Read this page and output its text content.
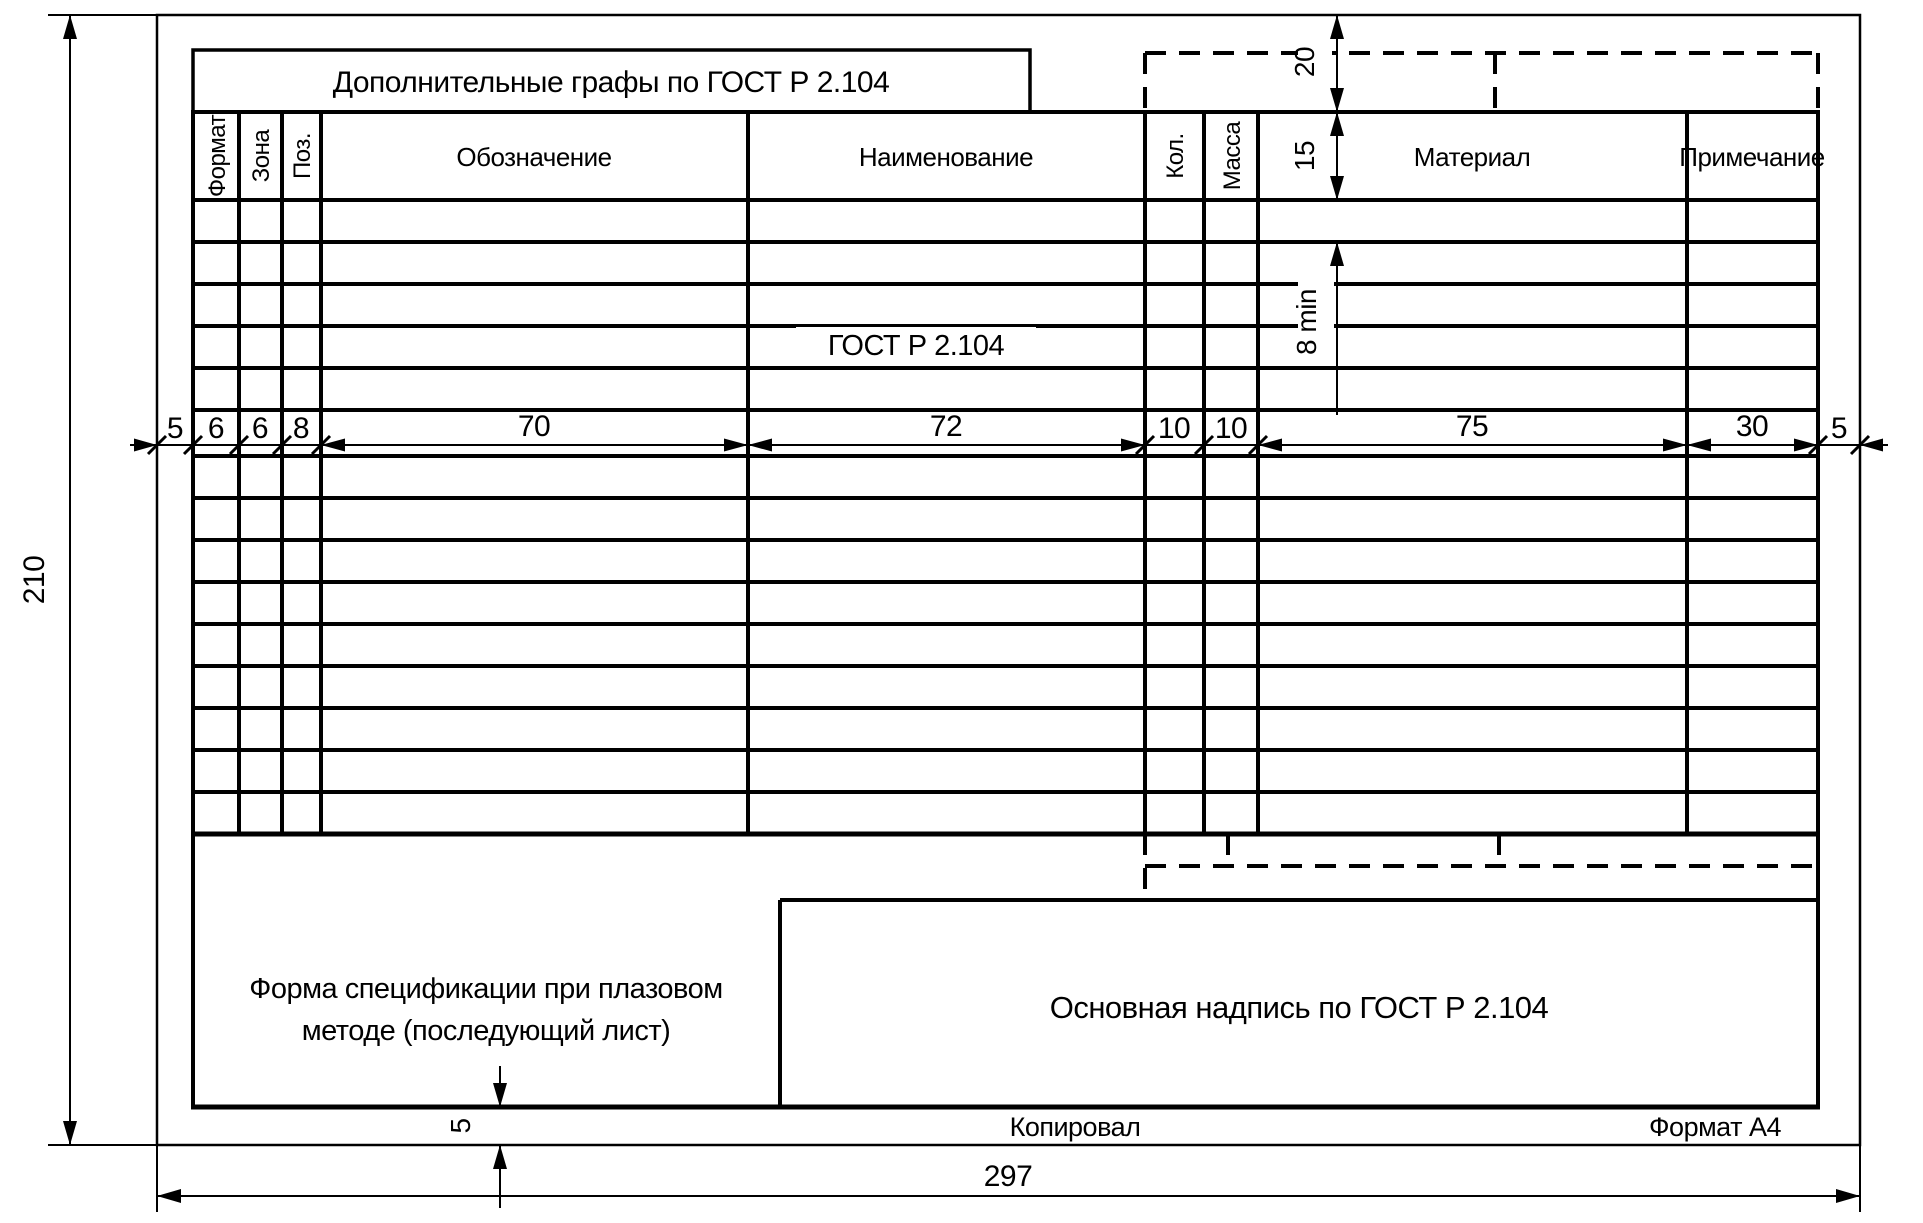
Дополнительные графы по ГОСТ Р 2.104
Формат Зона Поз.	Обозначение	Наименование	Кол. Масса	Материал	Примечание
ГОСТ Р 2.104
5 6 6 8	70	72	10 10	75	30 5
20
15
8 min
210
297
5
Форма спецификации при плазовом
методе (последующий лист)
Основная надпись по ГОСТ Р 2.104
Копировал	Формат А4
